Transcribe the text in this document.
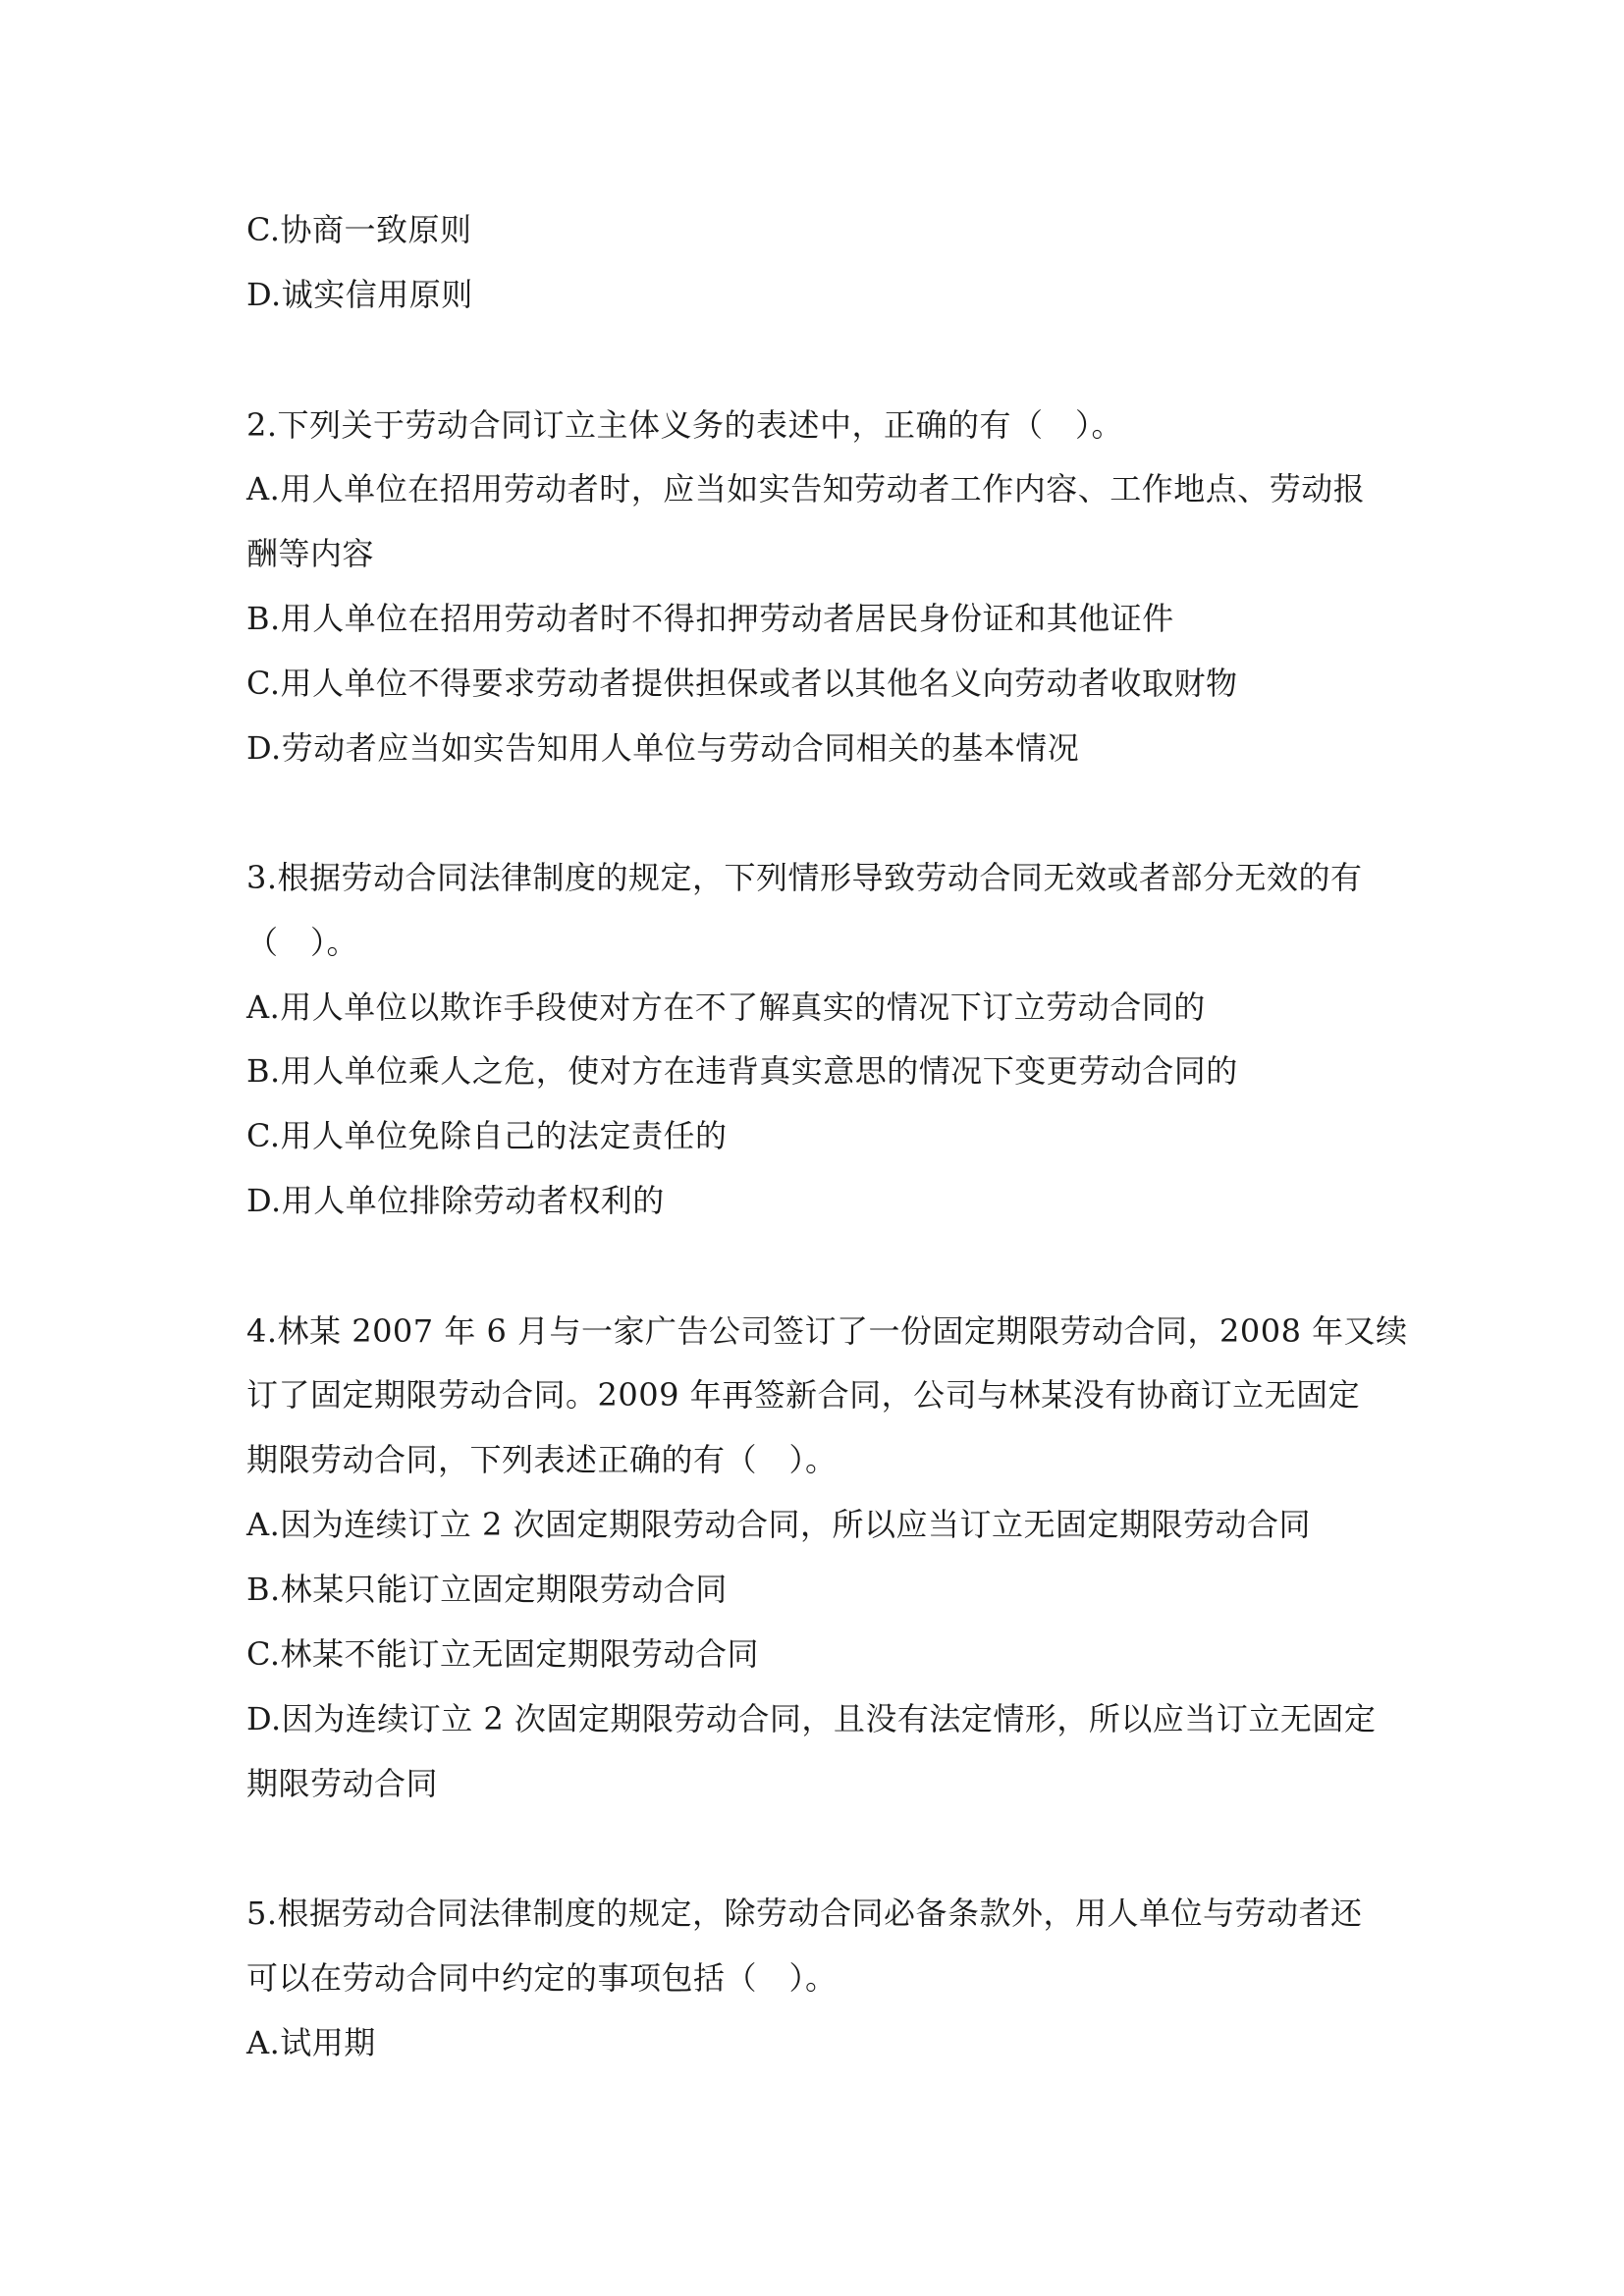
C.协商一致原则
D.诚实信用原则
2.下列关于劳动合同订立主体义务的表述中，正确的有（　）。
A.用人单位在招用劳动者时，应当如实告知劳动者工作内容、工作地点、劳动报
酬等内容
B.用人单位在招用劳动者时不得扣押劳动者居民身份证和其他证件
C.用人单位不得要求劳动者提供担保或者以其他名义向劳动者收取财物
D.劳动者应当如实告知用人单位与劳动合同相关的基本情况
3.根据劳动合同法律制度的规定，下列情形导致劳动合同无效或者部分无效的有
（　）。
A.用人单位以欺诈手段使对方在不了解真实的情况下订立劳动合同的
B.用人单位乘人之危，使对方在违背真实意思的情况下变更劳动合同的
C.用人单位免除自己的法定责任的
D.用人单位排除劳动者权利的
4.林某 2007 年 6 月与一家广告公司签订了一份固定期限劳动合同，2008 年又续
订了固定期限劳动合同。2009 年再签新合同，公司与林某没有协商订立无固定
期限劳动合同，下列表述正确的有（　）。
A.因为连续订立 2 次固定期限劳动合同，所以应当订立无固定期限劳动合同
B.林某只能订立固定期限劳动合同
C.林某不能订立无固定期限劳动合同
D.因为连续订立 2 次固定期限劳动合同，且没有法定情形，所以应当订立无固定
期限劳动合同
5.根据劳动合同法律制度的规定，除劳动合同必备条款外，用人单位与劳动者还
可以在劳动合同中约定的事项包括（　）。
A.试用期
